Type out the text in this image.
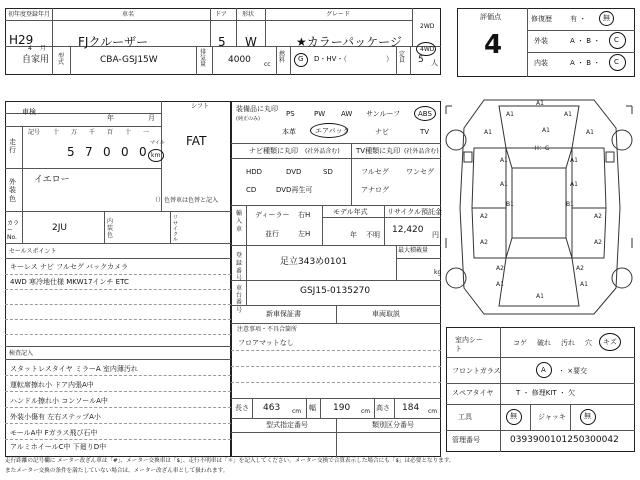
初年度登録年月
H29
4 月
車名
FJクルーザー
ドア
5
形状
W
グレード
★カラーパッケージ
2WD
4WD
自家用 型式	CBA-GSJ15W
排気量 4000 cc
燃料 G D・HV・（	）
定員 5 人
車検
年	月
シフト
FAT
走行
記号 十 万 千 百 十 一
5 7 0 0 0
マイル
km
外装色
イエロー
（）色替車は色替と記入
カラーNo.
2JU
内装色
リサイクル
セールスポイント
キーレス ナビ フルセグ バックカメラ
4WD 寒冷地仕様 MKW17インチ ETC
検査記入
スタットレスタイヤ ミラーA 室内薄汚れ
運転席擦れ小 ドア内張A中
ハンドル擦れ小 コンソールA中
外装小傷有 左右ステップA小
モールA中 Fガラス飛び石中
アルミホイールC中 下廻りD中
装備品に丸印
(純正のみ)
PS	PW AW サンルーフ	ABS
本革	エアバック	ナビ	TV
ナビ種類に丸印 (社外品含む) TV種類に丸印 (社外品含む)
HDD	DVD	SD
CD	DVD再生可
フルセグ ワンセグ
アナログ
輸入車
ディーラー 右H
並行	左H
モデル年式
年 不明
リサイクル預託金
12,420 円
登録番号
足立343め0101
最大積載量
kg
車台番号
GSJ15-0135270
新車保証書	車両取説
注意事項・不具合箇所
フロアマットなし
長さ 463 cm 幅 190 cm 高さ 184 cm
型式指定番号	類別区分番号
評価点
4
修復歴	有 ・ 無
外装	A ・ B ・ C
内装	A ・ B ・ C
A1
A1	A1
A1	A1
A1
A2	A2
A2	A2
A2	A2
A1	A1
A1	A1
B1	B1
A1
A1	A1
H：G
室内シート
コゲ 破れ 汚れ 穴 キズ
フロントガラス	A ・ ×要交
スペアタイヤ	T ・ 修理KIT ・ 欠
工具	無	ジャッキ	無
管理番号	0393900101250300042
走行距離の記号欄に メーター改ざん車は「#」、メーター交換車は「$」、走行不明車は「＊」を記入してください。メーター交換で合算表示した場合にも「$」は必要となります。
またメーター交換の条件を満たしていない場合は、メーター改ざん車として扱われます。
